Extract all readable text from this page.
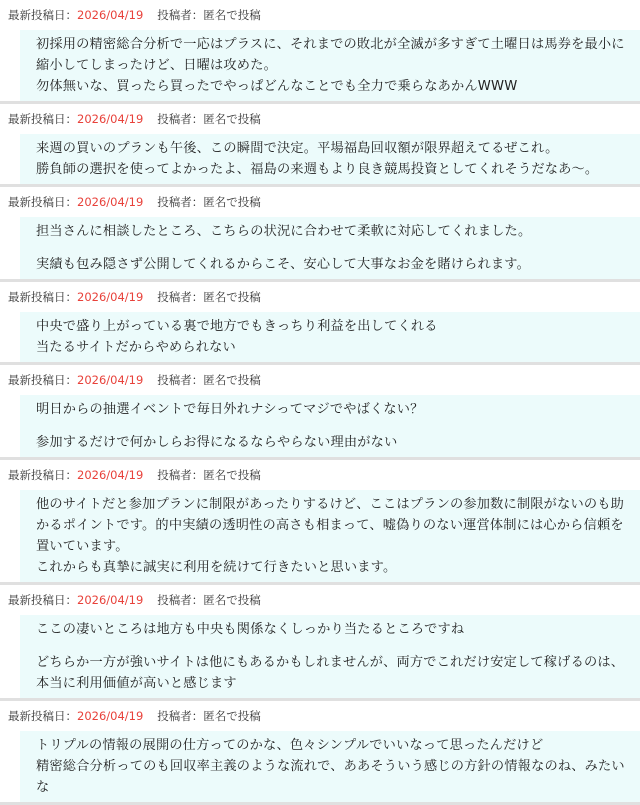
最新投稿日：2026/04/19 投稿者：匿名で投稿

初採用の精密総合分析で一応はプラスに、それまでの敗北が全滅が多すぎて土曜日は馬券を最小に縮小してしまったけど、日曜は攻めた。

勿体無いな、買ったら買ったでやっぱどんなことでも全力で乗らなあかんWWW

最新投稿日：2026/04/19 投稿者：匿名で投稿

来週の買いのプランも午後、この瞬間で決定。平場福島回収額が限界超えてるぜこれ。

勝負師の選択を使ってよかったよ、福島の来週もより良き競馬投資としてくれそうだなあ〜。

最新投稿日：2026/04/19 投稿者：匿名で投稿

担当さんに相談したところ、こちらの状況に合わせて柔軟に対応してくれました。

実績も包み隠さず公開してくれるからこそ、安心して大事なお金を賭けられます。

最新投稿日：2026/04/19 投稿者：匿名で投稿

中央で盛り上がっている裏で地方でもきっちり利益を出してくれる

当たるサイトだからやめられない

最新投稿日：2026/04/19 投稿者：匿名で投稿

明日からの抽選イベントで毎日外れナシってマジでやばくない？

参加するだけで何かしらお得になるならやらない理由がない

最新投稿日：2026/04/19 投稿者：匿名で投稿

他のサイトだと参加プランに制限があったりするけど、ここはプランの参加数に制限がないのも助かるポイントです。的中実績の透明性の高さも相まって、嘘偽りのない運営体制には心から信頼を置いています。

これからも真摯に誠実に利用を続けて行きたいと思います。

最新投稿日：2026/04/19 投稿者：匿名で投稿

ここの凄いところは地方も中央も関係なくしっかり当たるところですね

どちらか一方が強いサイトは他にもあるかもしれませんが、両方でこれだけ安定して稼げるのは、本当に利用価値が高いと感じます

最新投稿日：2026/04/19 投稿者：匿名で投稿

トリプルの情報の展開の仕方ってのかな、色々シンプルでいいなって思ったんだけど

精密総合分析ってのも回収率主義のような流れで、ああそういう感じの方針の情報なのね、みたいな
